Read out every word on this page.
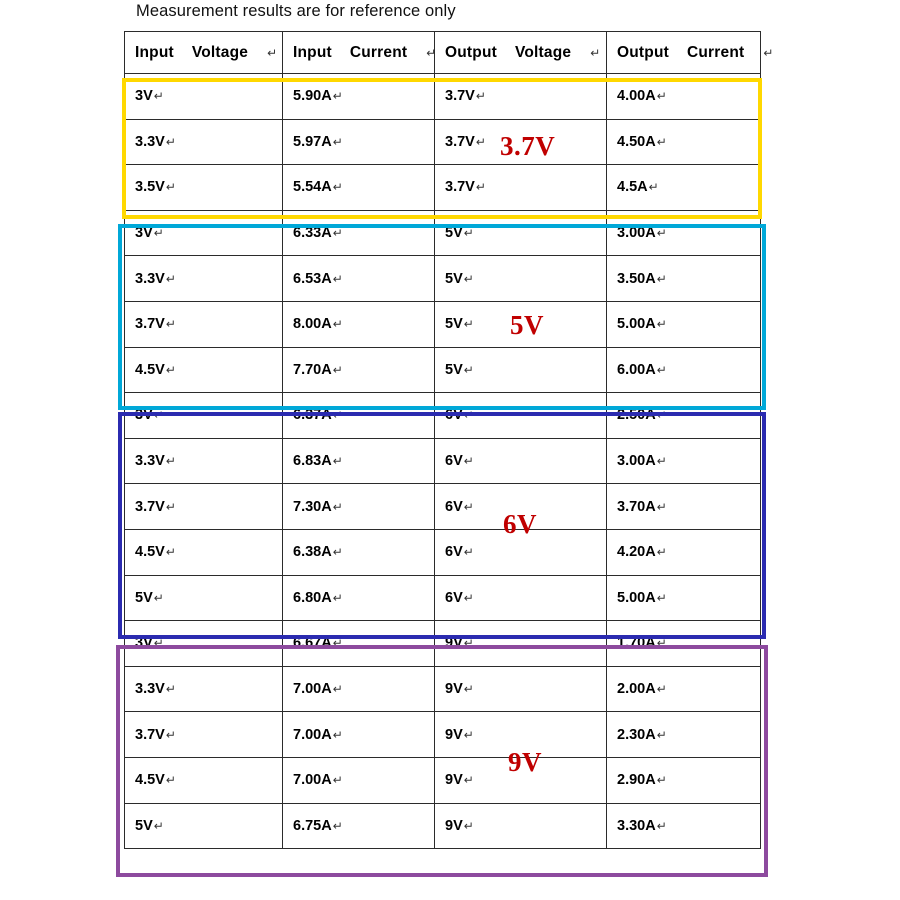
Measurement results are for reference only
Input Voltage ↵	Input Current ↵	Output Voltage ↵	Output Current ↵

3V↵	5.90A↵	3.7V↵	4.00A↵
3.3V↵	5.97A↵	3.7V↵	4.50A↵
3.5V↵	5.54A↵	3.7V↵	4.5A↵
3V↵	6.33A↵	5V↵	3.00A↵
3.3V↵	6.53A↵	5V↵	3.50A↵
3.7V↵	8.00A↵	5V↵	5.00A↵
4.5V↵	7.70A↵	5V↵	6.00A↵
3V↵	6.37A↵	6V↵	2.50A↵
3.3V↵	6.83A↵	6V↵	3.00A↵
3.7V↵	7.30A↵	6V↵	3.70A↵
4.5V↵	6.38A↵	6V↵	4.20A↵
5V↵	6.80A↵	6V↵	5.00A↵
3V↵	6.67A↵	9V↵	1.70A↵
3.3V↵	7.00A↵	9V↵	2.00A↵
3.7V↵	7.00A↵	9V↵	2.30A↵
4.5V↵	7.00A↵	9V↵	2.90A↵
5V↵	6.75A↵	9V↵	3.30A↵
3.7V
5V
6V
9V
